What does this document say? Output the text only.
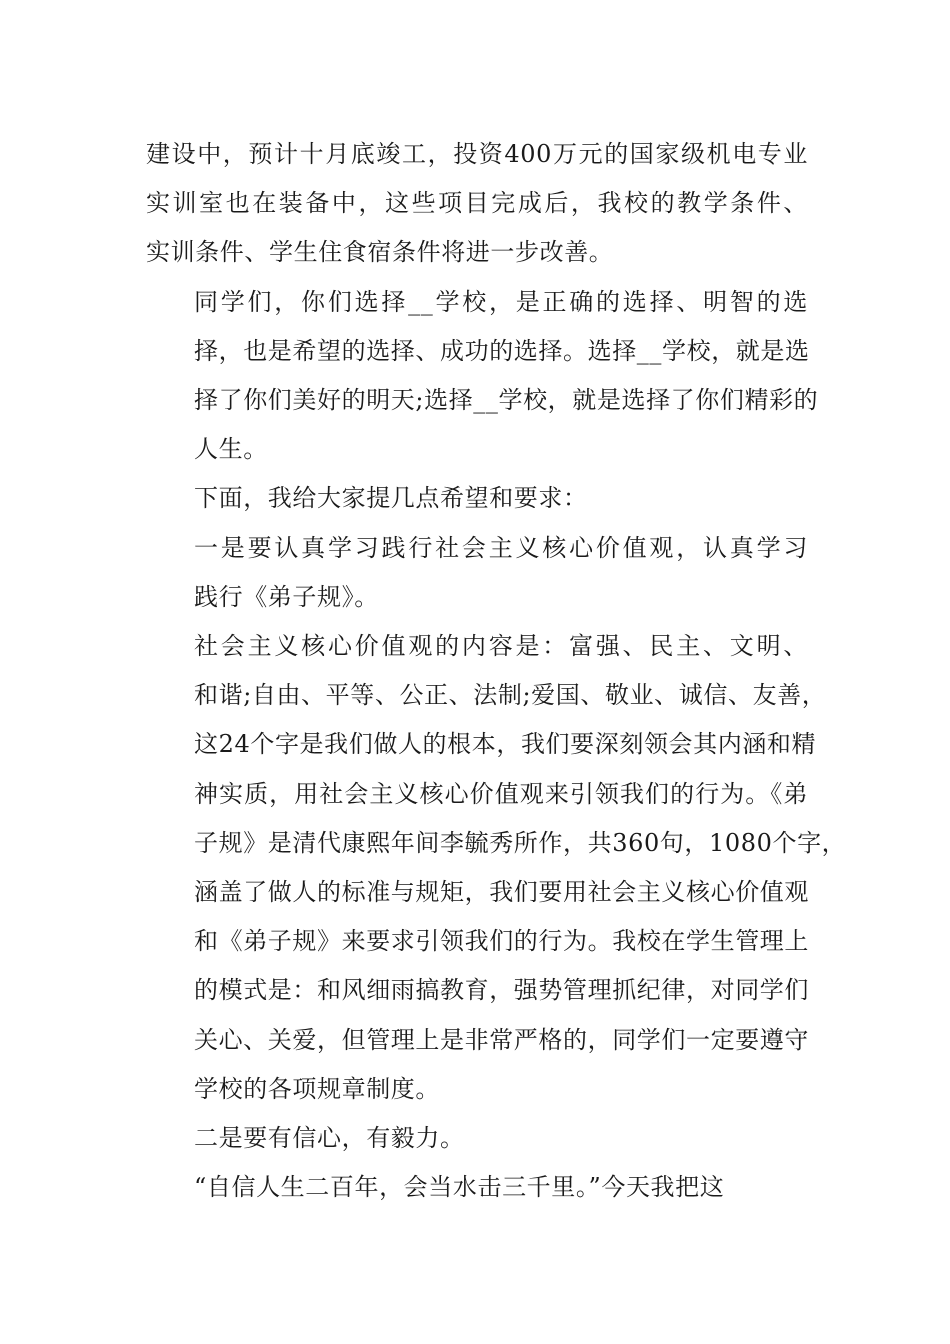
建设中，预计十月底竣工，投资400万元的国家级机电专业
实训室也在装备中，这些项目完成后，我校的教学条件、
实训条件、学生住食宿条件将进一步改善。
同学们，你们选择__学校，是正确的选择、明智的选
择，也是希望的选择、成功的选择。选择__学校，就是选
择了你们美好的明天;选择__学校，就是选择了你们精彩的
人生。
下面，我给大家提几点希望和要求：
一是要认真学习践行社会主义核心价值观，认真学习
践行《弟子规》。
社会主义核心价值观的内容是：富强、民主、文明、
和谐;自由、平等、公正、法制;爱国、敬业、诚信、友善，
这24个字是我们做人的根本，我们要深刻领会其内涵和精
神实质，用社会主义核心价值观来引领我们的行为。《弟
子规》是清代康熙年间李毓秀所作，共360句，1080个字，
涵盖了做人的标准与规矩，我们要用社会主义核心价值观
和《弟子规》来要求引领我们的行为。我校在学生管理上
的模式是：和风细雨搞教育，强势管理抓纪律，对同学们
关心、关爱，但管理上是非常严格的，同学们一定要遵守
学校的各项规章制度。
二是要有信心，有毅力。
“自信人生二百年，会当水击三千里。”今天我把这
